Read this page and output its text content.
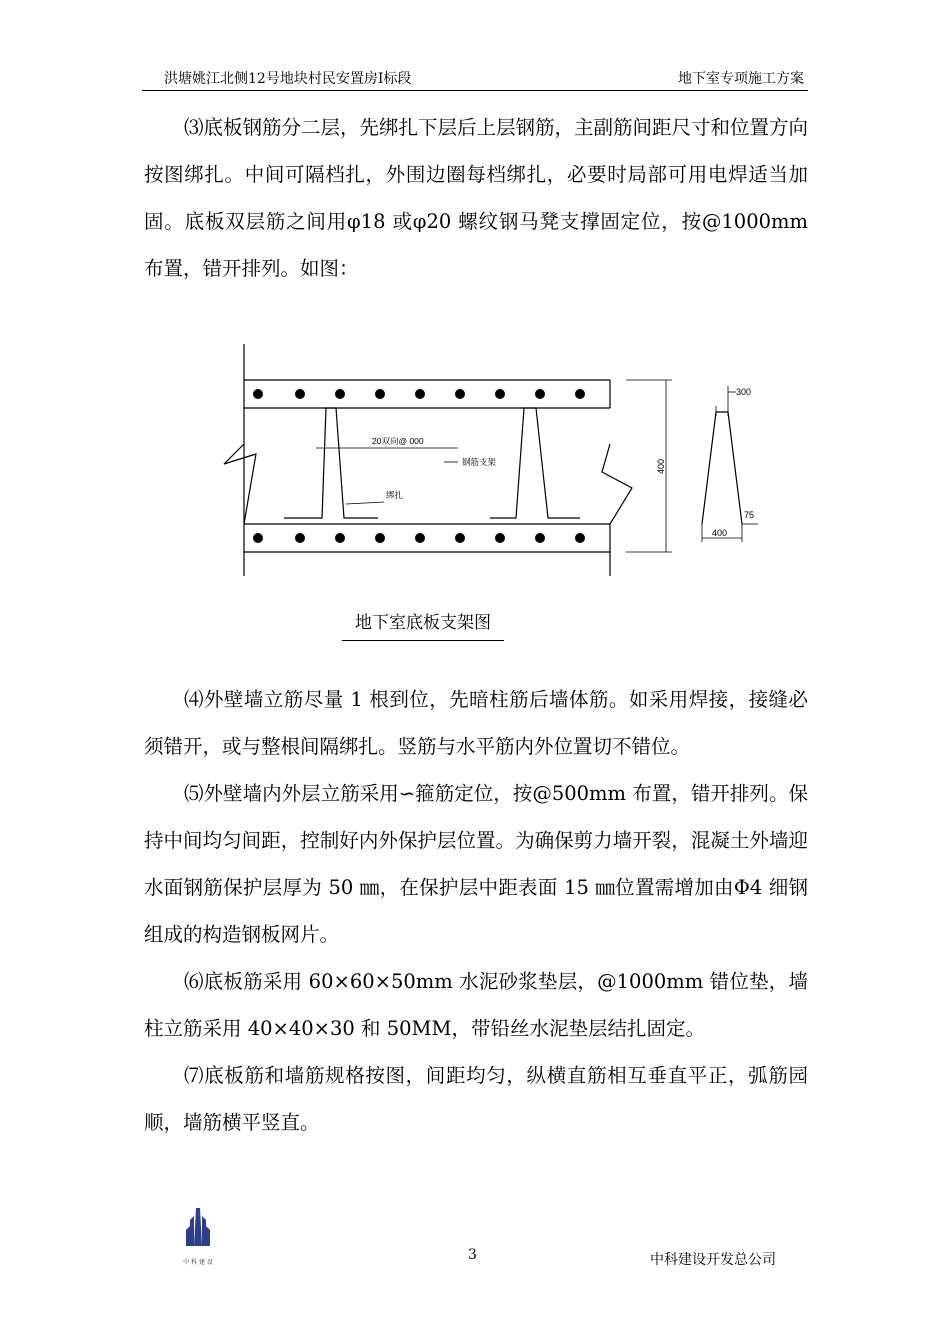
洪塘姚江北侧12号地块村民安置房Ⅰ标段	地下室专项施工方案

⑶底板钢筋分二层，先绑扎下层后上层钢筋，主副筋间距尺寸和位置方向按图绑扎。中间可隔档扎，外围边圈每档绑扎，必要时局部可用电焊适当加固。底板双层筋之间用φ18 或φ20 螺纹钢马凳支撑固定位，按@1000mm 布置，错开排列。如图：

20双向@ 000
钢筋支架
绑扎
400
300
75
400
地下室底板支架图

⑷外壁墙立筋尽量 1 根到位，先暗柱筋后墙体筋。如采用焊接，接缝必须错开，或与整根间隔绑扎。竖筋与水平筋内外位置切不错位。

⑸外壁墙内外层立筋采用∽箍筋定位，按@500mm 布置，错开排列。保持中间均匀间距，控制好内外保护层位置。为确保剪力墙开裂，混凝土外墙迎水面钢筋保护层厚为 50 ㎜，在保护层中距表面 15 ㎜位置需增加由Φ4 细钢组成的构造钢板网片。

⑹底板筋采用 60×60×50mm 水泥砂浆垫层，@1000mm 错位垫，墙柱立筋采用 40×40×30 和 50MM，带铅丝水泥垫层结扎固定。

⑺底板筋和墙筋规格按图，间距均匀，纵横直筋相互垂直平正，弧筋园顺，墙筋横平竖直。

中 科 建 设	3	中科建设开发总公司
